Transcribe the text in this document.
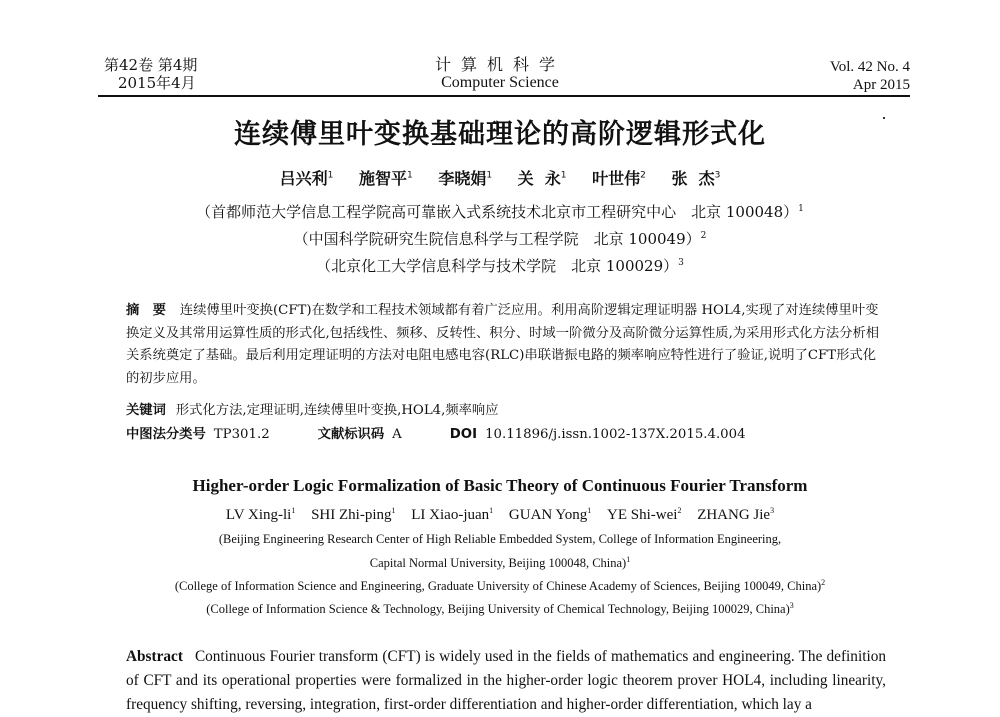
第42卷 第4期
2015年4月
计算机科学
Computer Science
Vol. 42 No. 4
Apr 2015
连续傅里叶变换基础理论的高阶逻辑形式化
吕兴利$^1$ 施智平$^1$ 李晓娟$^1$ 关  永$^1$ 叶世伟$^2$ 张  杰$^3$
（首都师范大学信息工程学院高可靠嵌入式系统技术北京市工程研究中心　北京 100048）$^1$
（中国科学院研究生院信息科学与工程学院　北京 100049）$^2$
（北京化工大学信息科学与技术学院　北京 100029）$^3$
摘　要 连续傅里叶变换(CFT)在数学和工程技术领域都有着广泛应用。利用高阶逻辑定理证明器 HOL4,实现了对连续傅里叶变换定义及其常用运算性质的形式化,包括线性、频移、反转性、积分、时域一阶微分及高阶微分运算性质,为采用形式化方法分析相关系统奠定了基础。最后利用定理证明的方法对电阻电感电容(RLC)串联谐振电路的频率响应特性进行了验证,说明了CFT形式化的初步应用。
关键词 形式化方法,定理证明,连续傅里叶变换,HOL4,频率响应
中图法分类号 TP301.2	文献标识码 A	DOI 10.11896/j.issn.1002-137X.2015.4.004
Higher-order Logic Formalization of Basic Theory of Continuous Fourier Transform
LV Xing-$li^1$ SHI Zhi-ping$^1$ LI Xiao-juan$^1$ GUAN Yong$^1$ YE Shi-wei$^2$ ZHANG Jie$^3$
(Beijing Engineering Research Center of High Reliable Embedded System, College of Information Engineering,
Capital Normal University, Beijing 100048, China)$^1$
(College of Information Science and Engineering, Graduate University of Chinese Academy of Sciences, Beijing 100049, China)$^2$
(College of Information Science & Technology, Beijing University of Chemical Technology, Beijing 100029, China)$^3$
Abstract Continuous Fourier transform (CFT) is widely used in the fields of mathematics and engineering. The definition of CFT and its operational properties were formalized in the higher-order logic theorem prover HOL4, including linearity, frequency shifting, reversing, integration, first-order differentiation and higher-order differentiation, which lay a
